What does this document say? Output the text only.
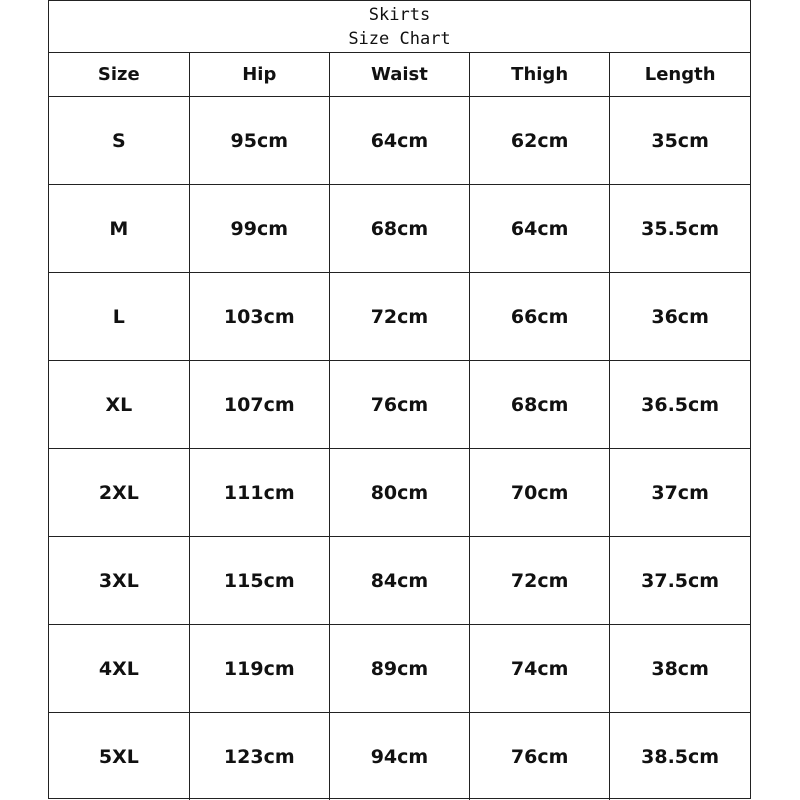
Skirts
Size Chart
Size	Hip	Waist	Thigh	Length
S	95cm	64cm	62cm	35cm
M	99cm	68cm	64cm	35.5cm
L	103cm	72cm	66cm	36cm
XL	107cm	76cm	68cm	36.5cm
2XL	111cm	80cm	70cm	37cm
3XL	115cm	84cm	72cm	37.5cm
4XL	119cm	89cm	74cm	38cm
5XL	123cm	94cm	76cm	38.5cm
